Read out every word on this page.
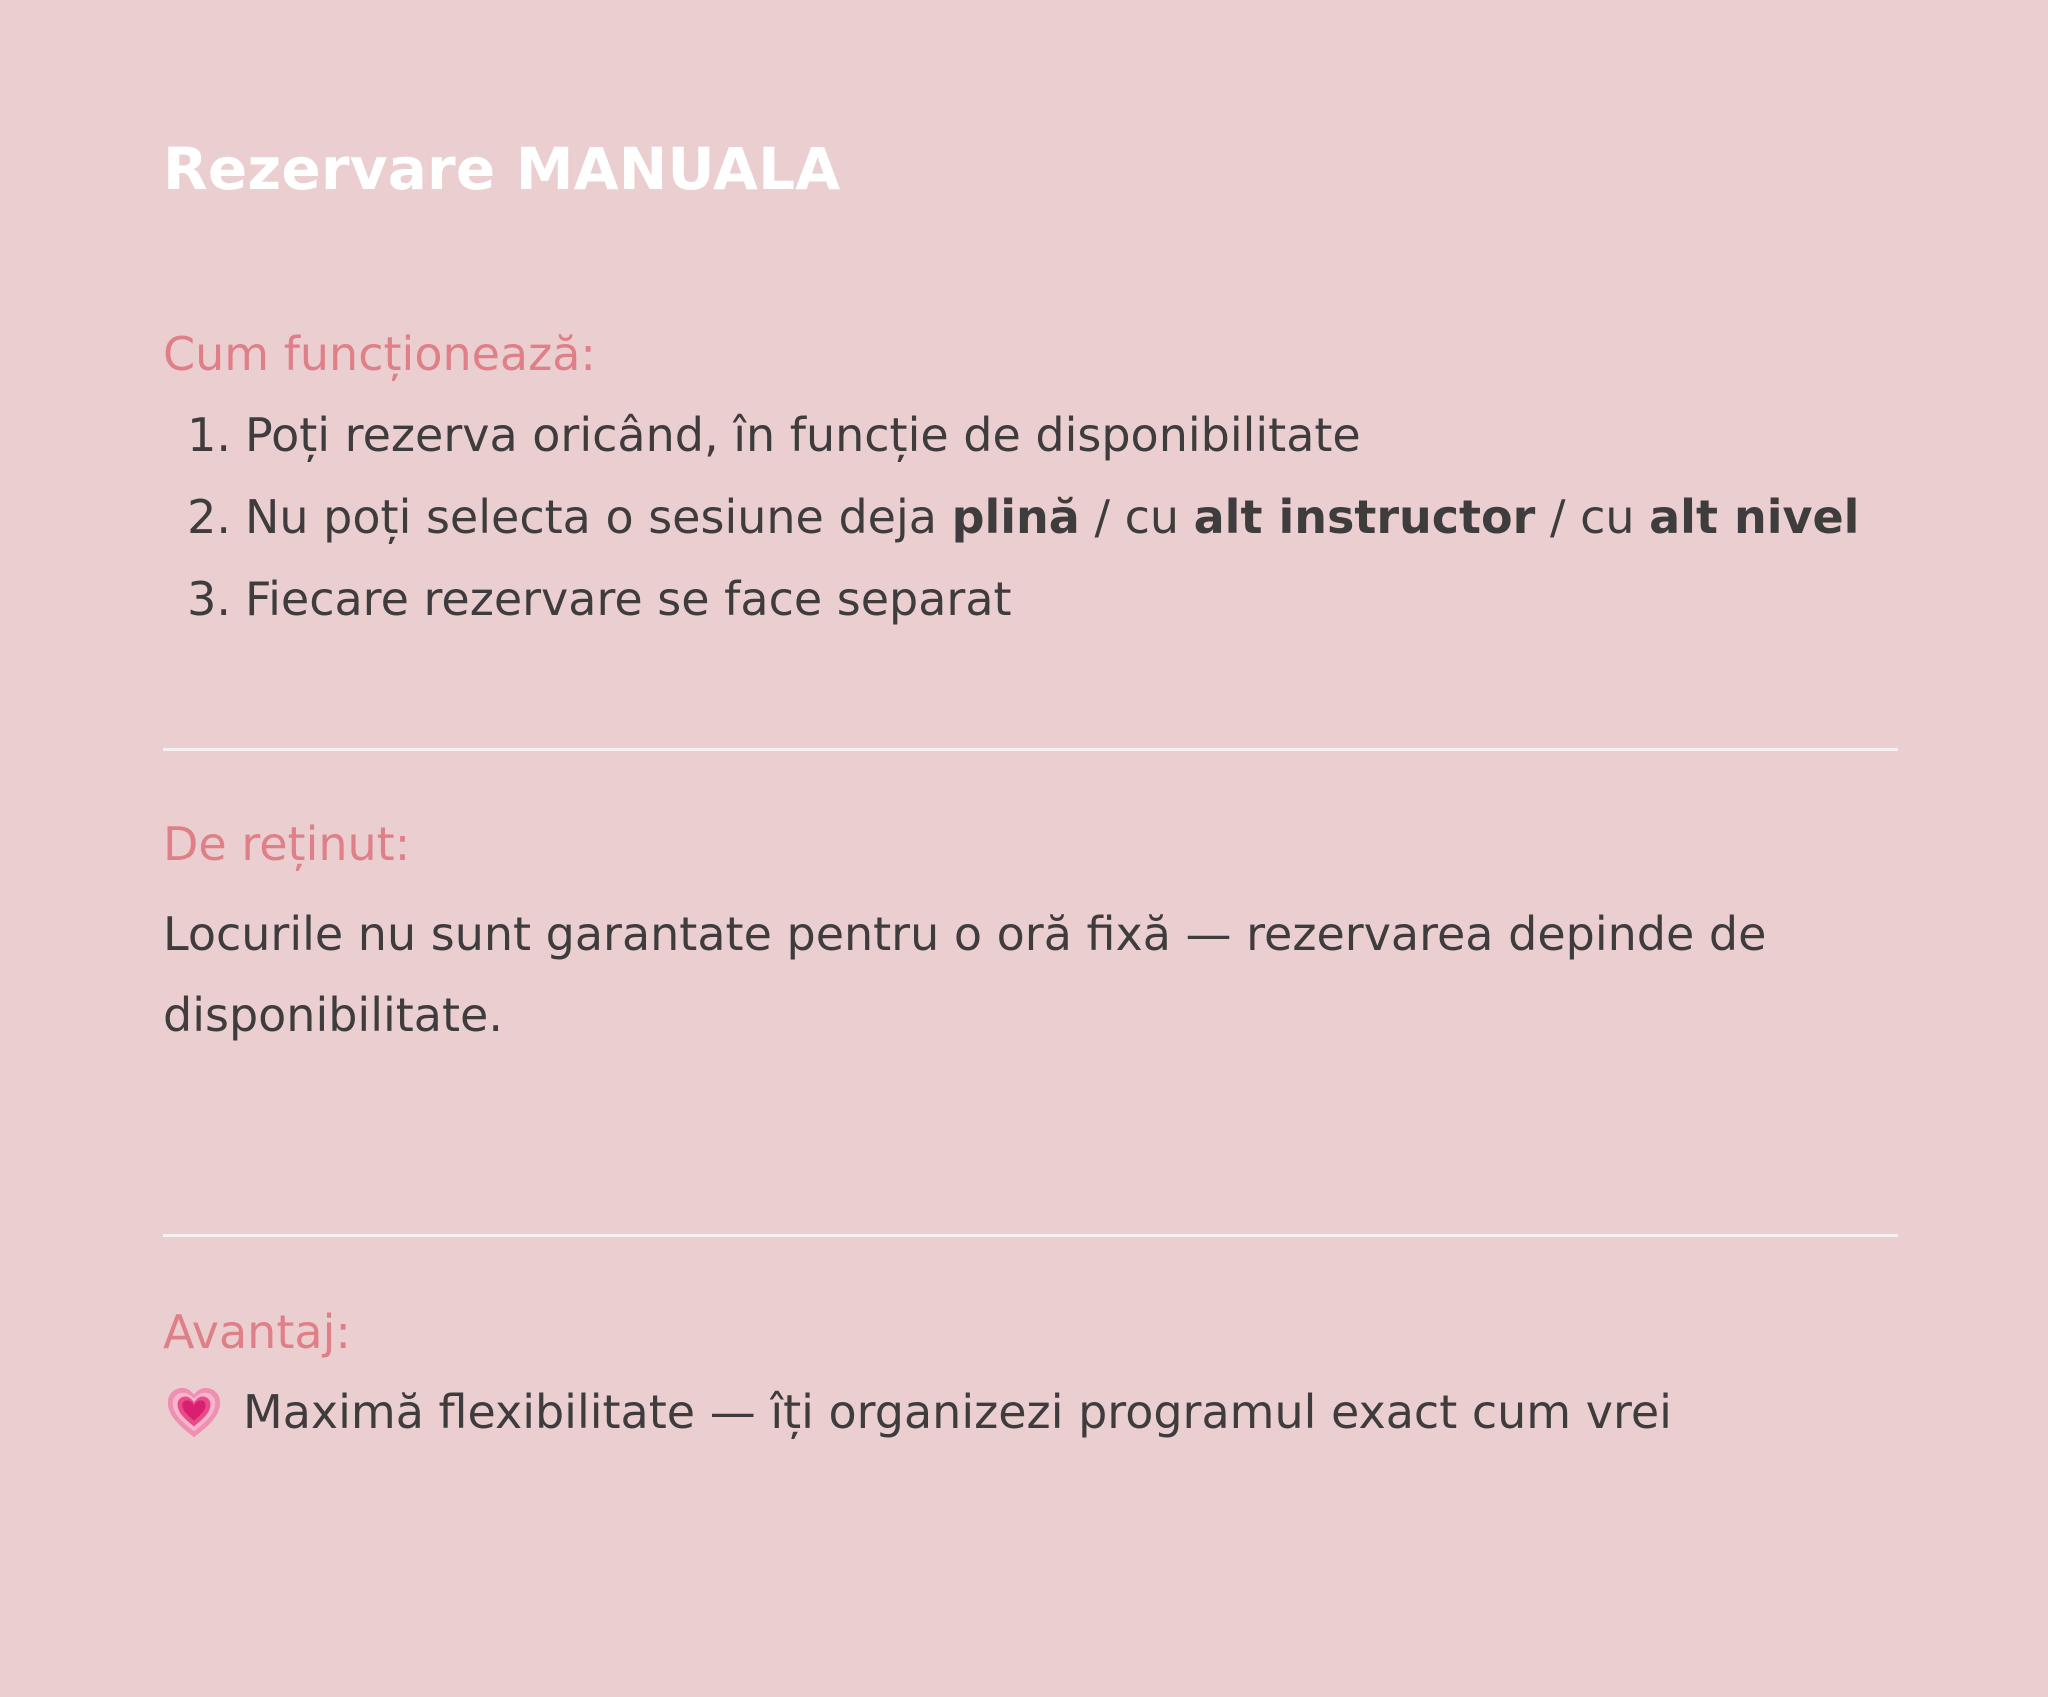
Rezervare MANUALA
Cum funcționează:
1. Poți rezerva oricând, în funcție de disponibilitate
2. Nu poți selecta o sesiune deja plină / cu alt instructor / cu alt nivel
3. Fiecare rezervare se face separat
De reținut:

Locurile nu sunt garantate pentru o oră fixă — rezervarea depinde de disponibilitate.

Avantaj:
Maximă flexibilitate — îți organizezi programul exact cum vrei
